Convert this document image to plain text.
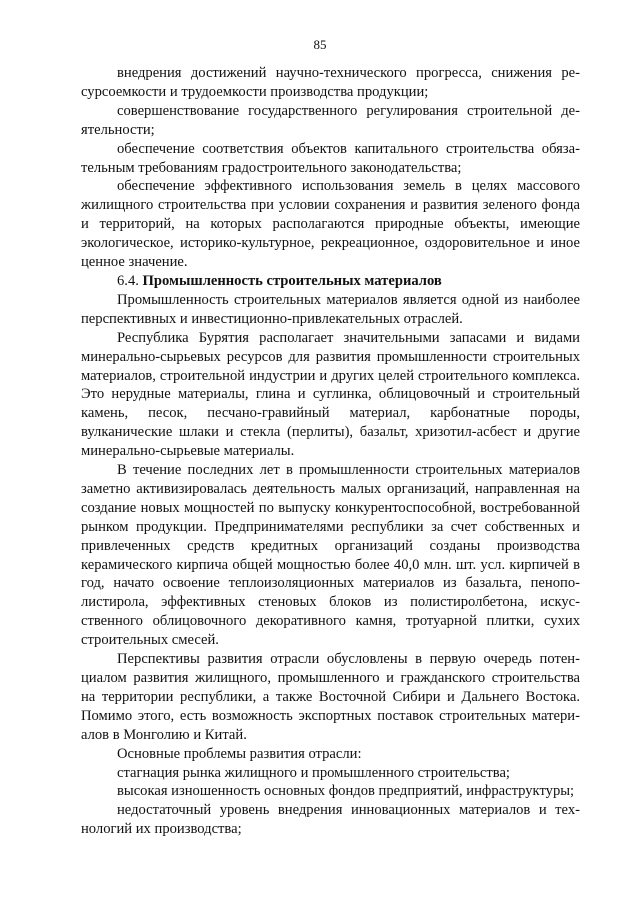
85

внедрения достижений научно-технического прогресса, снижения ресурсоемкости и трудоемкости производства продукции;

совершенствование государственного регулирования строительной деятельности;

обеспечение соответствия объектов капитального строительства обязательным требованиям градостроительного законодательства;

обеспечение эффективного использования земель в целях массового жилищного строительства при условии сохранения и развития зеленого фонда и территорий, на которых располагаются природные объекты, имеющие экологическое, историко-культурное, рекреационное, оздоровительное и иное ценное значение.

6.4. Промышленность строительных материалов

Промышленность строительных материалов является одной из наиболее перспективных и инвестиционно-привлекательных отраслей.

Республика Бурятия располагает значительными запасами и видами минерально-сырьевых ресурсов для развития промышленности строительных материалов, строительной индустрии и других целей строительного комплекса. Это нерудные материалы, глина и суглинка, облицовочный и строительный камень, песок, песчано-гравийный материал, карбонатные породы, вулканические шлаки и стекла (перлиты), базальт, хризотил-асбест и другие минерально-сырьевые материалы.

В течение последних лет в промышленности строительных материалов заметно активизировалась деятельность малых организаций, направленная на создание новых мощностей по выпуску конкурентоспособной, востребованной рынком продукции. Предпринимателями республики за счет собственных и привлеченных средств кредитных организаций созданы производства керамического кирпича общей мощностью более 40,0 млн. шт. усл. кирпичей в год, начато освоение теплоизоляционных материалов из базальта, пенополистирола, эффективных стеновых блоков из полистиролбетона, искусственного облицовочного декоративного камня, тротуарной плитки, сухих строительных смесей.

Перспективы развития отрасли обусловлены в первую очередь потенциалом развития жилищного, промышленного и гражданского строительства на территории республики, а также Восточной Сибири и Дальнего Востока. Помимо этого, есть возможность экспортных поставок строительных материалов в Монголию и Китай.

Основные проблемы развития отрасли:

стагнация рынка жилищного и промышленного строительства;

высокая изношенность основных фондов предприятий, инфраструктуры;

недостаточный уровень внедрения инновационных материалов и технологий их производства;
